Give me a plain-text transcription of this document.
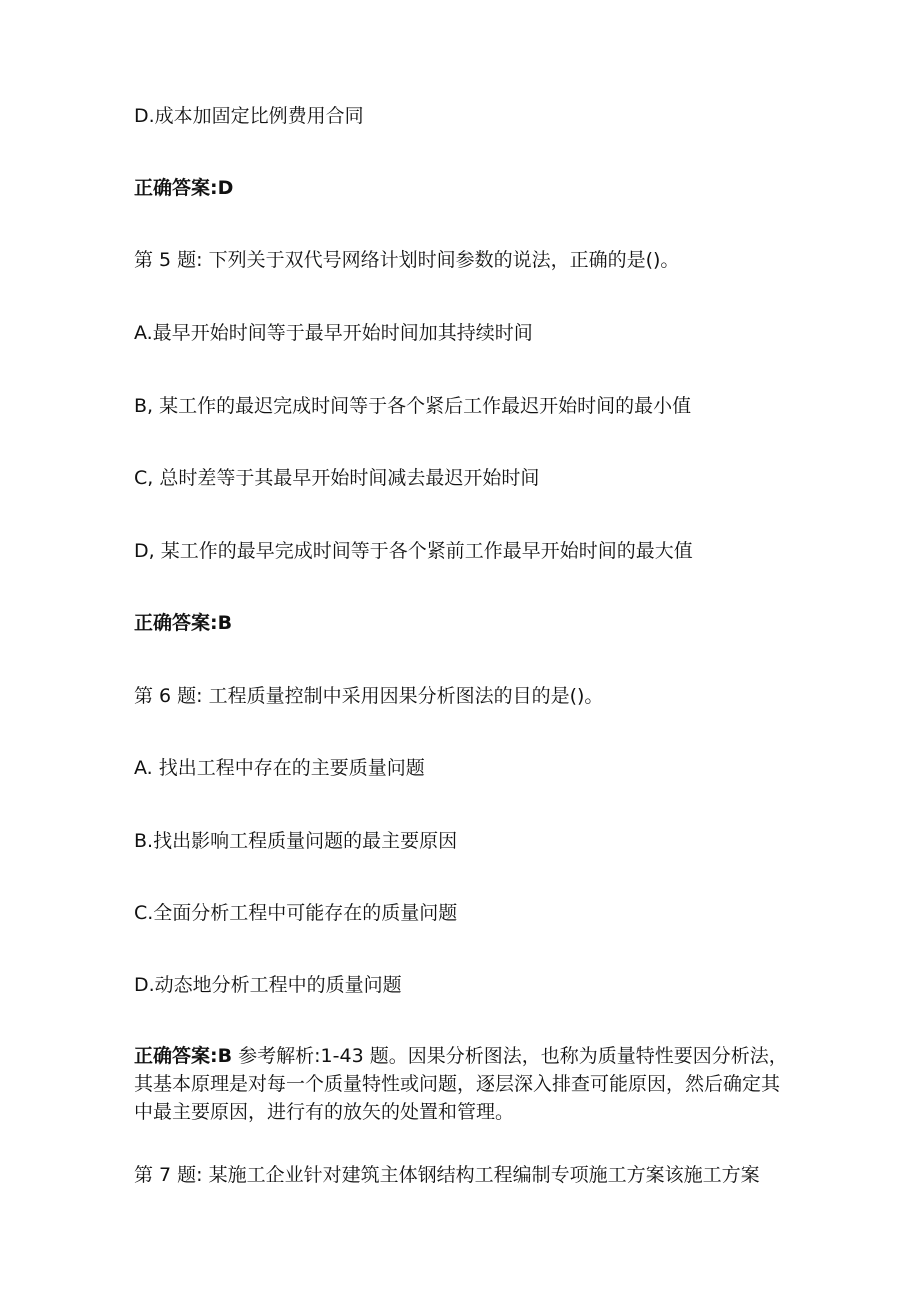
D.成本加固定比例费用合同
正确答案:D
第 5 题: 下列关于双代号网络计划时间参数的说法，正确的是()。
A.最早开始时间等于最早开始时间加其持续时间
B, 某工作的最迟完成时间等于各个紧后工作最迟开始时间的最小值
C, 总时差等于其最早开始时间减去最迟开始时间
D, 某工作的最早完成时间等于各个紧前工作最早开始时间的最大值
正确答案:B
第 6 题: 工程质量控制中采用因果分析图法的目的是()。
A. 找出工程中存在的主要质量问题
B.找出影响工程质量问题的最主要原因
C.全面分析工程中可能存在的质量问题
D.动态地分析工程中的质量问题
正确答案:B 参考解析:1-43 题。因果分析图法，也称为质量特性要因分析法，其基本原理是对每一个质量特性或问题，逐层深入排查可能原因，然后确定其中最主要原因，进行有的放矢的处置和管理。
第 7 题: 某施工企业针对建筑主体钢结构工程编制专项施工方案该施工方案
